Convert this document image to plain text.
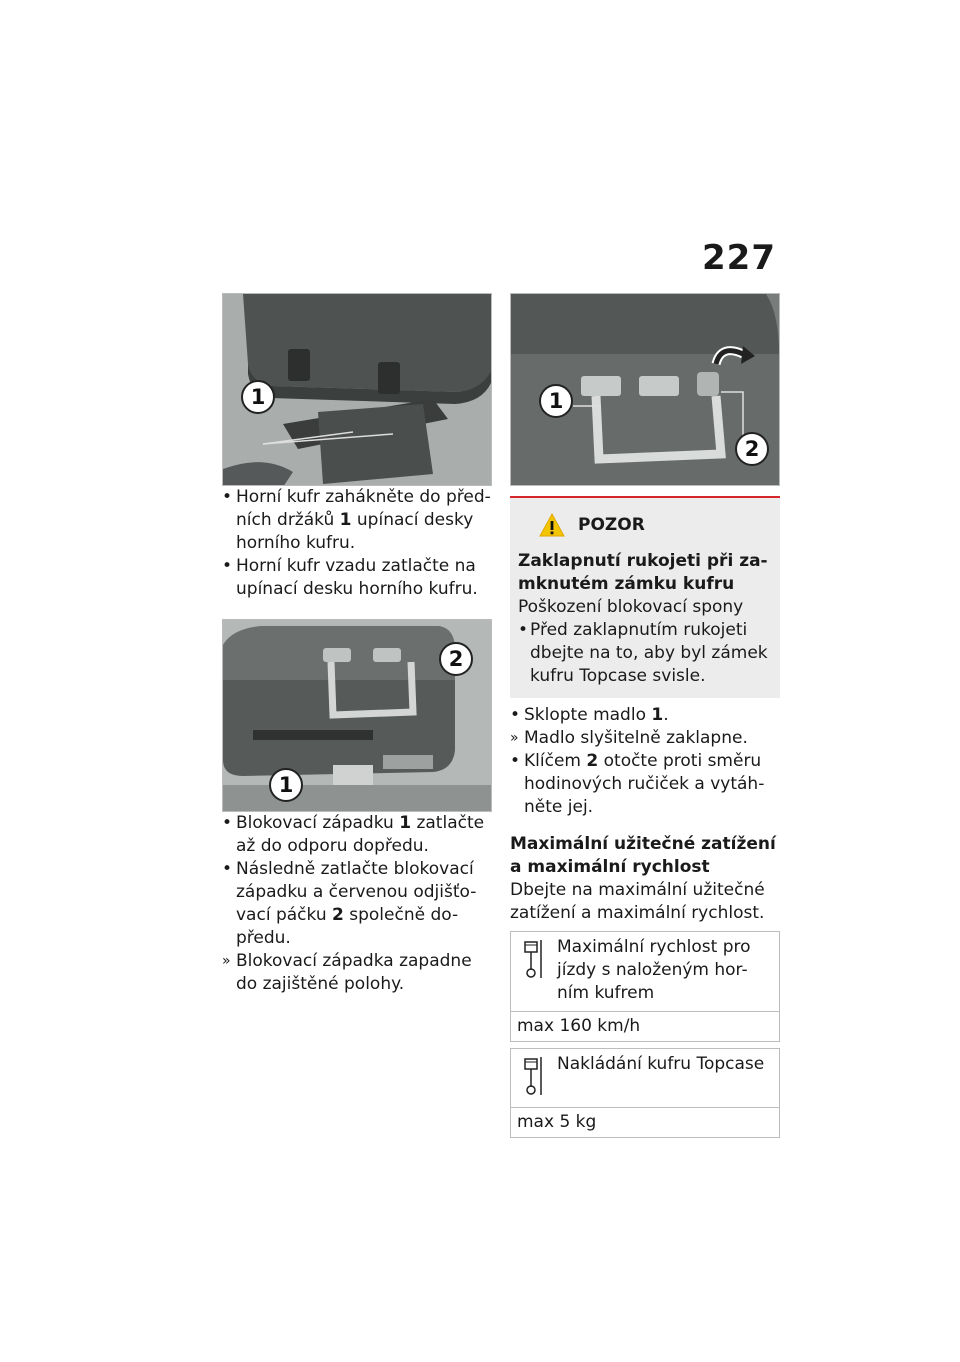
227
1
• Horní kufr zahákněte do před-ních držáků 1 upínací desky horního kufru.
• Horní kufr vzadu zatlačte na upínací desku horního kufru.
2
1
• Blokovací západku 1 zatlačte až do odporu dopředu.
• Následně zatlačte blokovací západku a červenou odjišťo-vací páčku 2 společně do-předu.
» Blokovací západka zapadne do zajištěné polohy.
1
2
POZOR
Zaklapnutí rukojeti při za-mknutém zámku kufru
Poškození blokovací spony
• Před zaklapnutím rukojeti dbejte na to, aby byl zámek kufru Topcase svisle.
• Sklopte madlo 1.
» Madlo slyšitelně zaklapne.
• Klíčem 2 otočte proti směru hodinových ručiček a vytáh-něte jej.
Maximální užitečné zatížení a maximální rychlost
Dbejte na maximální užitečné zatížení a maximální rychlost.
Maximální rychlost pro jízdy s naloženým hor-ním kufrem
max 160 km/h
Nakládání kufru Topcase
max 5 kg
